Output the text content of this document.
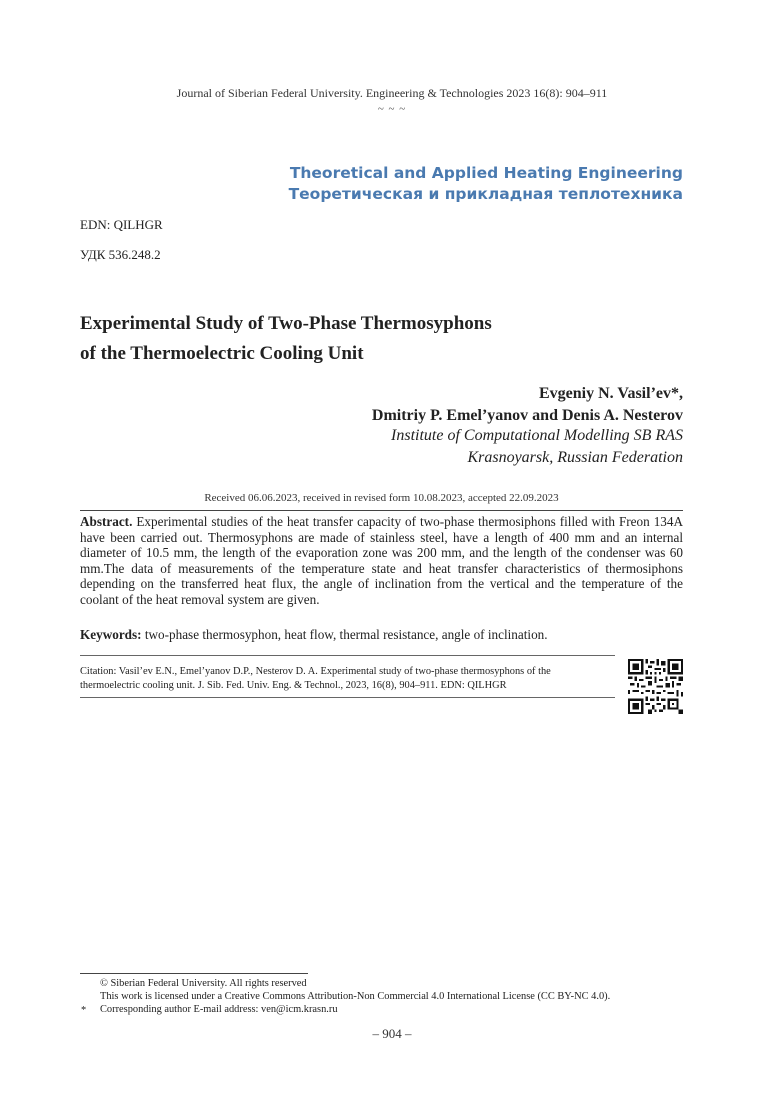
Journal of Siberian Federal University. Engineering & Technologies 2023 16(8): 904–911
~ ~ ~
Theoretical and Applied Heating Engineering
Теоретическая и прикладная теплотехника
EDN: QILHGR
УДК 536.248.2
Experimental Study of Two-Phase Thermosyphons
of the Thermoelectric Cooling Unit
Evgeniy N. Vasil’ev*,
Dmitriy P. Emel’yanov and Denis A. Nesterov
Institute of Computational Modelling SB RAS
Krasnoyarsk, Russian Federation
Received 06.06.2023, received in revised form 10.08.2023, accepted 22.09.2023
Abstract. Experimental studies of the heat transfer capacity of two-phase thermosiphons filled with Freon 134A have been carried out. Thermosyphons are made of stainless steel, have a length of 400 mm and an internal diameter of 10.5 mm, the length of the evaporation zone was 200 mm, and the length of the condenser was 60 mm.The data of measurements of the temperature state and heat transfer characteristics of thermosiphons depending on the transferred heat flux, the angle of inclination from the vertical and the temperature of the coolant of the heat removal system are given.
Keywords: two-phase thermosyphon, heat flow, thermal resistance, angle of inclination.
Citation: Vasil’ev E.N., Emel’yanov D.P., Nesterov D. A. Experimental study of two-phase thermosyphons of the
thermoelectric cooling unit. J. Sib. Fed. Univ. Eng. & Technol., 2023, 16(8), 904–911. EDN: QILHGR
© Siberian Federal University. All rights reserved
This work is licensed under a Creative Commons Attribution-Non Commercial 4.0 International License (CC BY-NC 4.0).
* Corresponding author E-mail address: ven@icm.krasn.ru
– 904 –
